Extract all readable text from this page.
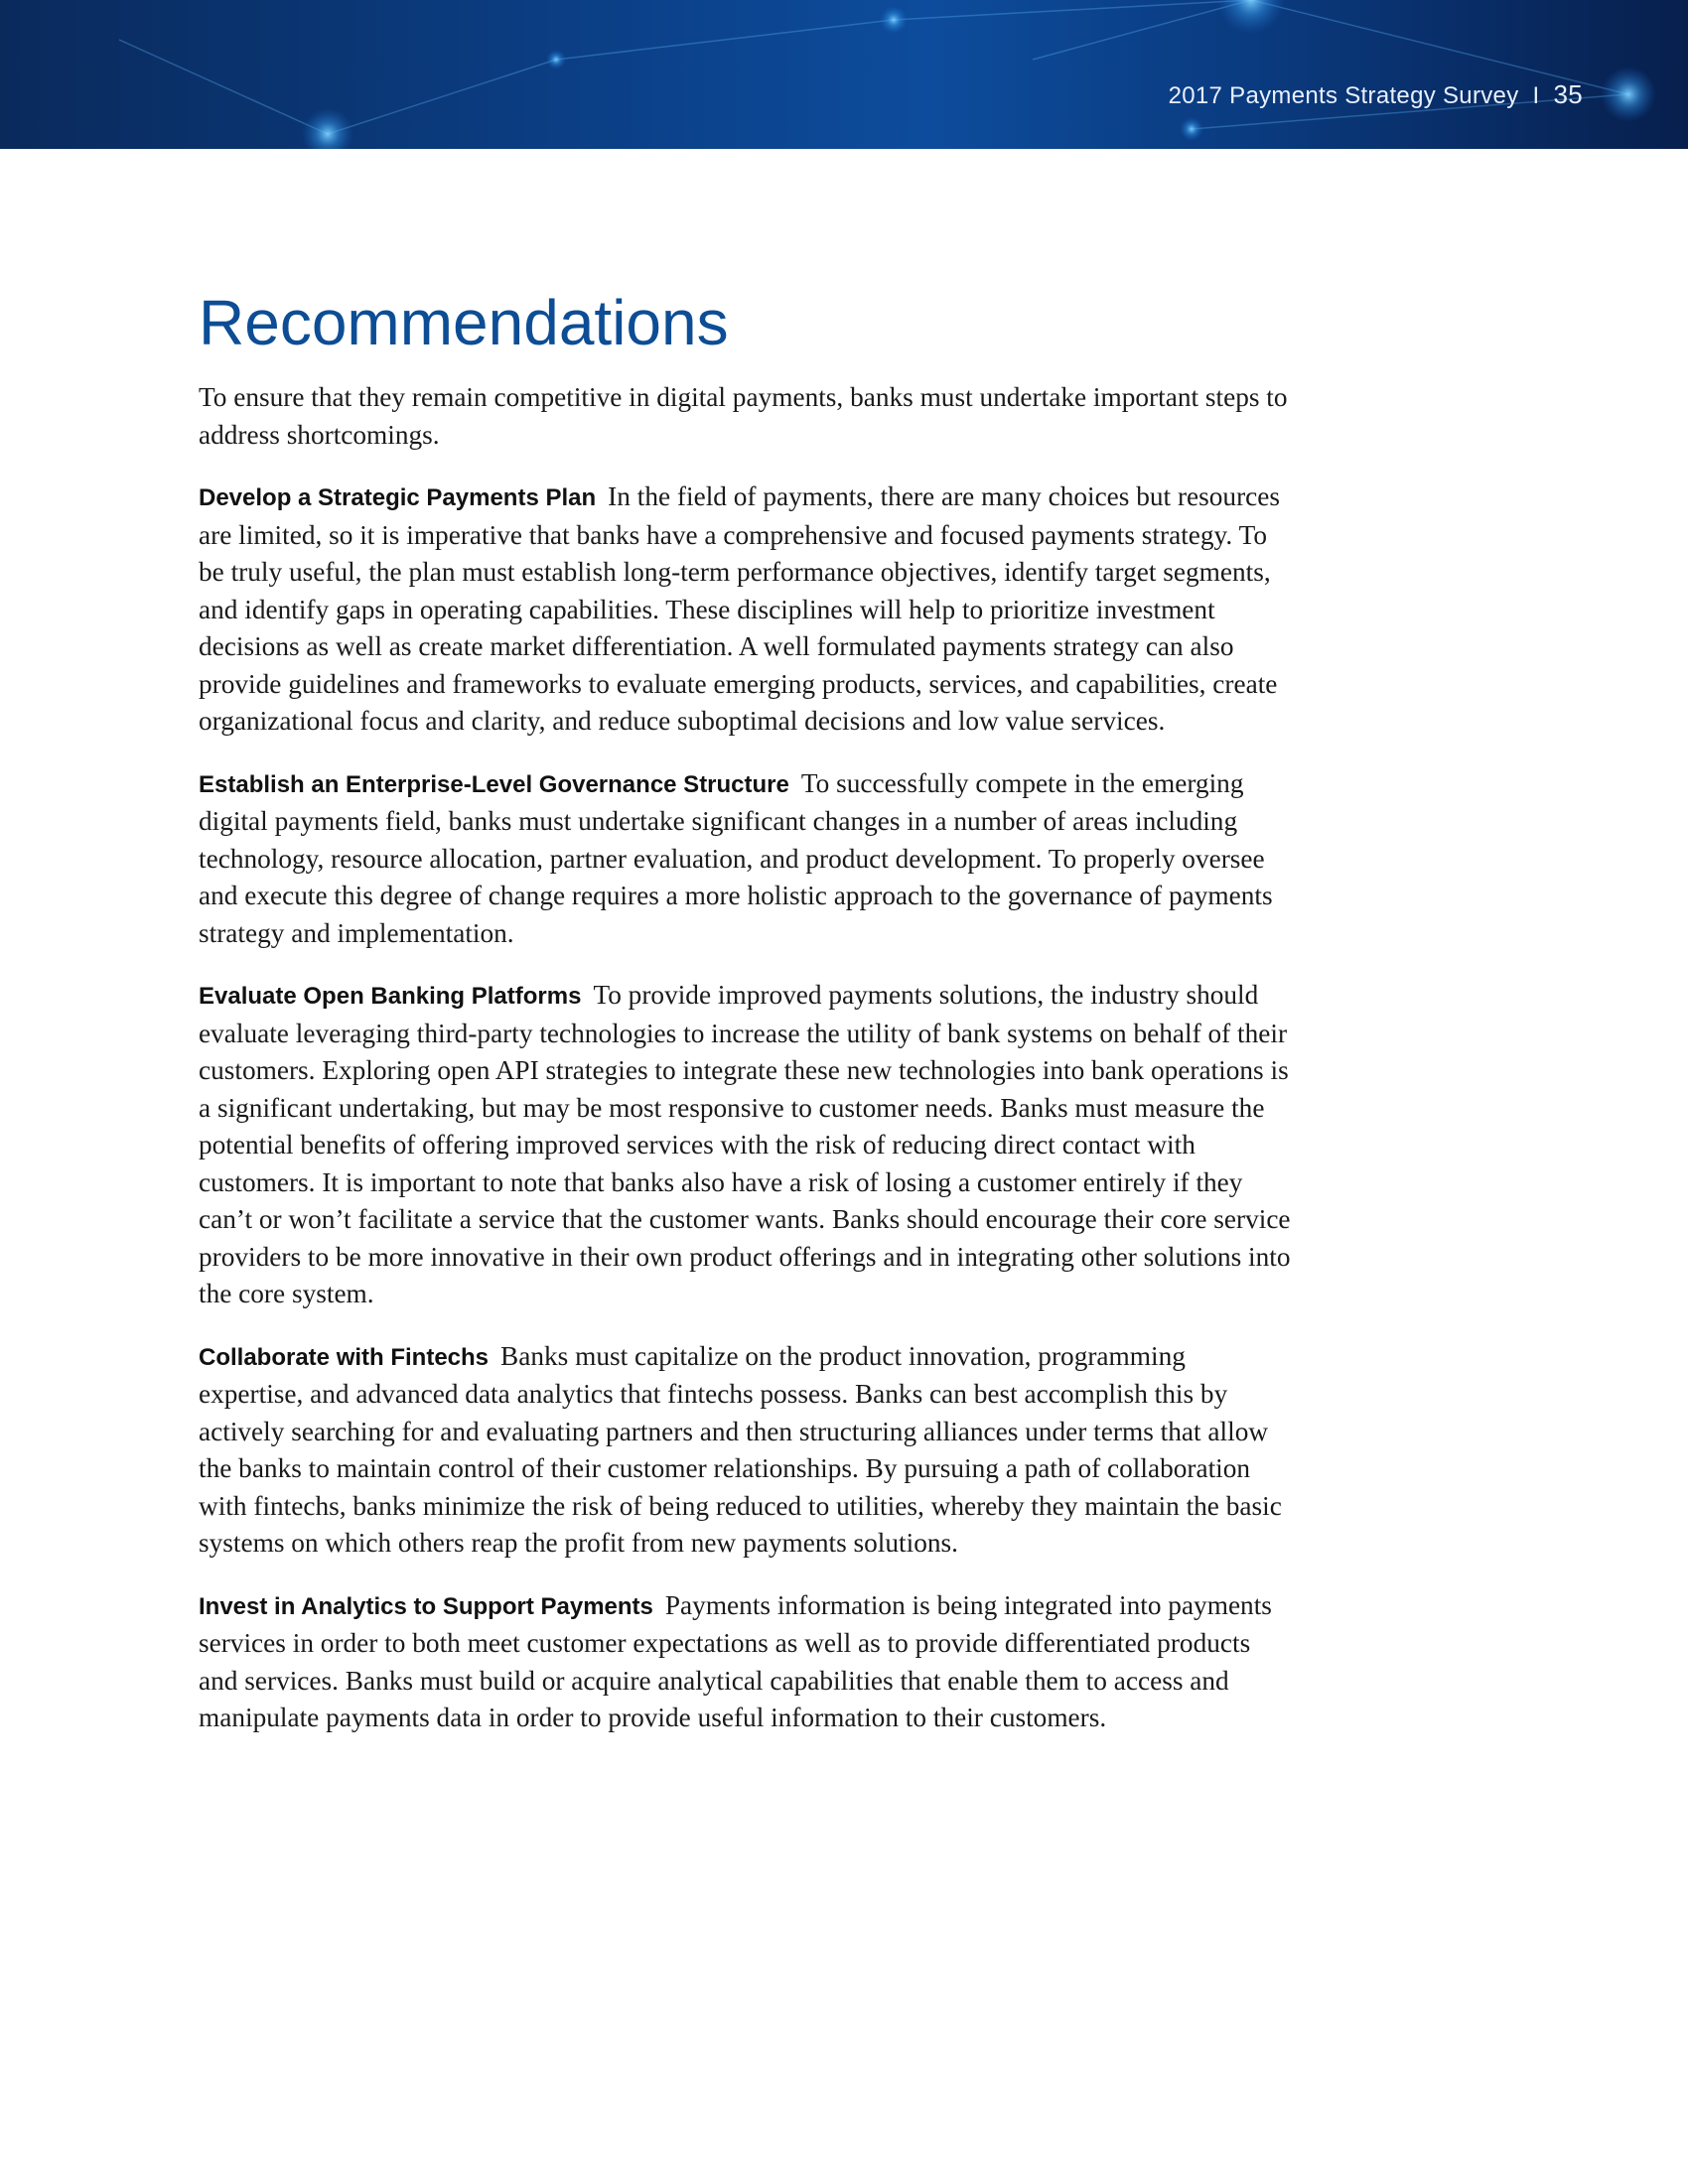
2017 Payments Strategy Survey I 35
Recommendations

To ensure that they remain competitive in digital payments, banks must undertake important steps to address shortcomings.

Develop a Strategic Payments Plan In the field of payments, there are many choices but resources are limited, so it is imperative that banks have a comprehensive and focused payments strategy. To be truly useful, the plan must establish long-term performance objectives, identify target segments, and identify gaps in operating capabilities. These disciplines will help to prioritize investment decisions as well as create market differentiation. A well formulated payments strategy can also provide guidelines and frameworks to evaluate emerging products, services, and capabilities, create organizational focus and clarity, and reduce suboptimal decisions and low value services.

Establish an Enterprise-Level Governance Structure To successfully compete in the emerging digital payments field, banks must undertake significant changes in a number of areas including technology, resource allocation, partner evaluation, and product development. To properly oversee and execute this degree of change requires a more holistic approach to the governance of payments strategy and implementation.

Evaluate Open Banking Platforms To provide improved payments solutions, the industry should evaluate leveraging third-party technologies to increase the utility of bank systems on behalf of their customers. Exploring open API strategies to integrate these new technologies into bank operations is a significant undertaking, but may be most responsive to customer needs. Banks must measure the potential benefits of offering improved services with the risk of reducing direct contact with customers. It is important to note that banks also have a risk of losing a customer entirely if they can’t or won’t facilitate a service that the customer wants. Banks should encourage their core service providers to be more innovative in their own product offerings and in integrating other solutions into the core system.

Collaborate with Fintechs Banks must capitalize on the product innovation, programming expertise, and advanced data analytics that fintechs possess. Banks can best accomplish this by actively searching for and evaluating partners and then structuring alliances under terms that allow the banks to maintain control of their customer relationships. By pursuing a path of collaboration with fintechs, banks minimize the risk of being reduced to utilities, whereby they maintain the basic systems on which others reap the profit from new payments solutions.

Invest in Analytics to Support Payments Payments information is being integrated into payments services in order to both meet customer expectations as well as to provide differentiated products and services. Banks must build or acquire analytical capabilities that enable them to access and manipulate payments data in order to provide useful information to their customers.
